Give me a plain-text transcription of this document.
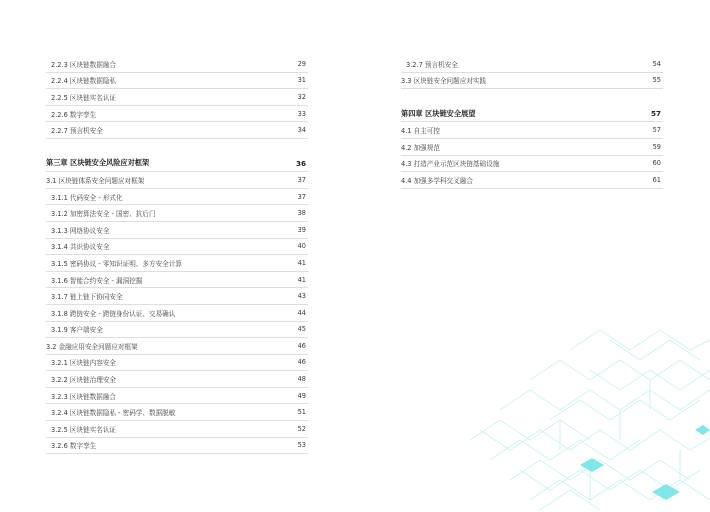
2.2.3 区块链数据融合	29
2.2.4 区块链数据隐私	31
2.2.5 区块链实名认证	32
2.2.6 数字孪生	33
2.2.7 预言机安全	34
第三章 区块链安全风险应对框架	36
3.1 区块链体系安全问题应对框架	37
3.1.1 代码安全 - 形式化	37
3.1.2 加密算法安全 - 国密、抗后门	38
3.1.3 网络协议安全	39
3.1.4 共识协议安全	40
3.1.5 密码协议 - 零知识证明、多方安全计算	41
3.1.6 智能合约安全 - 漏洞挖掘	41
3.1.7 链上链下协同安全	43
3.1.8 跨链安全 - 跨链身份认证、交易确认	44
3.1.9 客户端安全	45
3.2 金融应用安全问题应对框架	46
3.2.1 区块链内容安全	46
3.2.2 区块链治理安全	48
3.2.3 区块链数据融合	49
3.2.4 区块链数据隐私 - 密码学、数据脱敏	51
3.2.5 区块链实名认证	52
3.2.6 数字孪生	53
3.2.7 预言机安全	54
3.3 区块链安全问题应对实践	55
第四章 区块链安全展望	57
4.1 自主可控	57
4.2 加强规范	59
4.3 打造产业示范区块链基础设施	60
4.4 加强多学科交叉融合	61
